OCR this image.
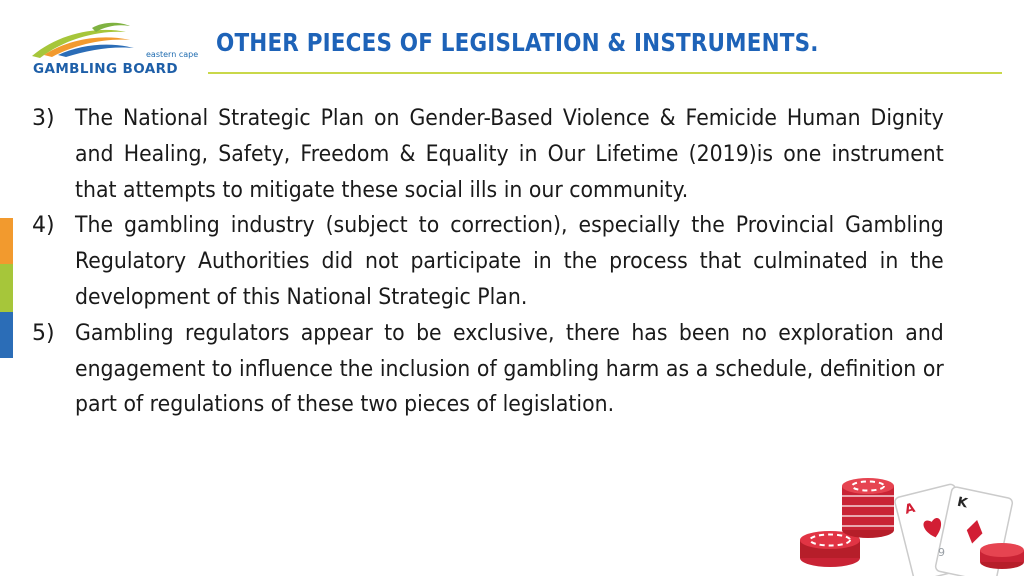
eastern cape
GAMBLING BOARD
OTHER PIECES OF LEGISLATION & INSTRUMENTS.
3) The National Strategic Plan on Gender-Based Violence & Femicide Human Dignity and Healing, Safety, Freedom & Equality in Our Lifetime (2019)is one instrument that attempts to mitigate these social ills in our community.
4) The gambling industry (subject to correction), especially the Provincial Gambling Regulatory Authorities did not participate in the process that culminated in the development of this National Strategic Plan.
5) Gambling regulators appear to be exclusive, there has been no exploration and engagement to influence the inclusion of gambling harm as a schedule, definition or part of regulations of these two pieces of legislation.
A	K
9
